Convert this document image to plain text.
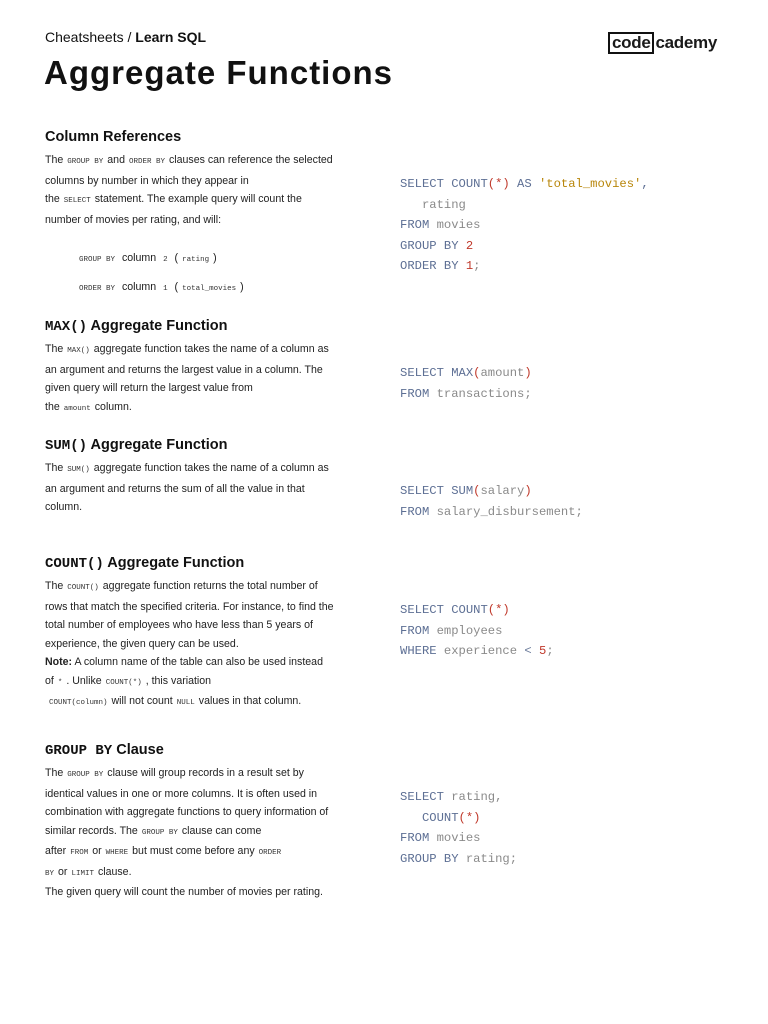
Cheatsheets / Learn SQL	code cademy
Aggregate Functions
Column References

The GROUP BY and ORDER BY clauses can reference the selected columns by number in which they appear in the SELECT statement. The example query will count the number of movies per rating, and will:

GROUP BY column 2 ( rating )
ORDER BY column 1 ( total_movies )
SELECT COUNT(*) AS 'total_movies',
rating
FROM movies
GROUP BY 2
ORDER BY 1;
MAX() Aggregate Function

The MAX() aggregate function takes the name of a column as an argument and returns the largest value in a column. The given query will return the largest value from the amount column.

SELECT MAX(amount)
FROM transactions;
SUM() Aggregate Function

The SUM() aggregate function takes the name of a column as an argument and returns the sum of all the value in that column.

SELECT SUM(salary)
FROM salary_disbursement;
COUNT() Aggregate Function

The COUNT() aggregate function returns the total number of rows that match the specified criteria. For instance, to find the total number of employees who have less than 5 years of experience, the given query can be used.
Note: A column name of the table can also be used instead of * . Unlike COUNT(*) , this variation
COUNT(column) will not count NULL values in that column.

SELECT COUNT(*)
FROM employees
WHERE experience < 5;
GROUP BY Clause

The GROUP BY clause will group records in a result set by identical values in one or more columns. It is often used in combination with aggregate functions to query information of similar records. The GROUP BY clause can come after FROM or WHERE but must come before any ORDER BY or LIMIT clause.
The given query will count the number of movies per rating.

SELECT rating,
COUNT(*)
FROM movies
GROUP BY rating;
